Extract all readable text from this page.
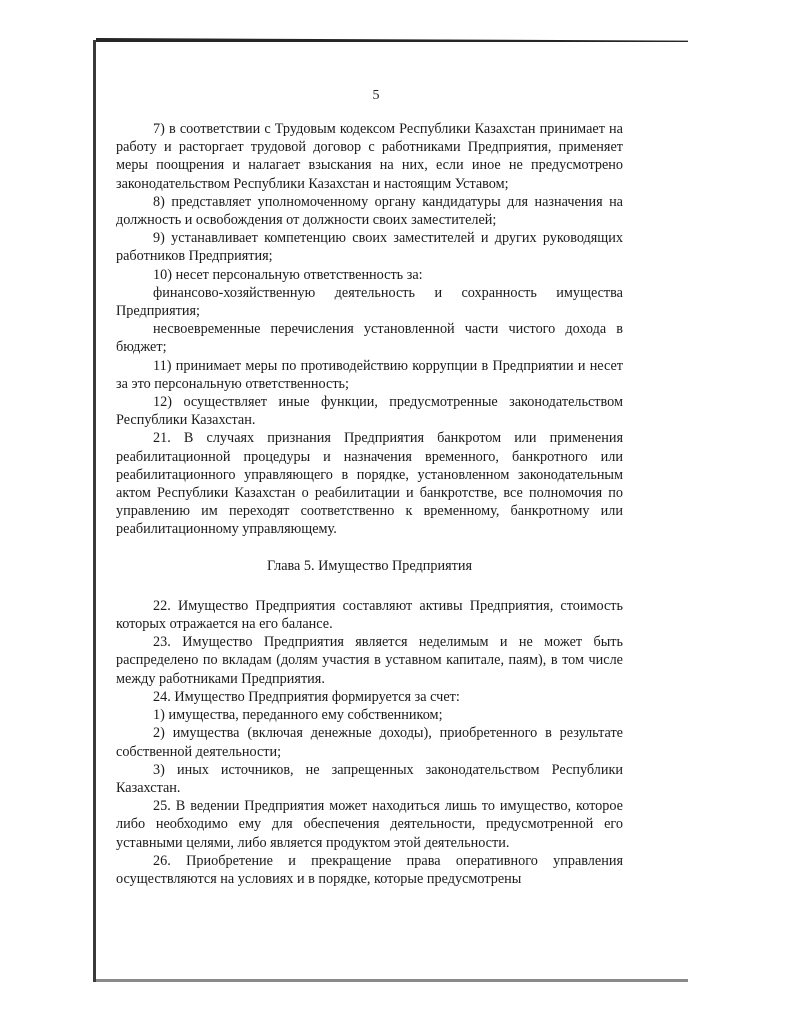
5

7) в соответствии с Трудовым кодексом Республики Казахстан принимает на работу и расторгает трудовой договор с работниками Предприятия, применяет меры поощрения и налагает взыскания на них, если иное не предусмотрено законодательством Республики Казахстан и настоящим Уставом;

8) представляет уполномоченному органу кандидатуры для назначения на должность и освобождения от должности своих заместителей;

9) устанавливает компетенцию своих заместителей и других руководящих работников Предприятия;

10) несет персональную ответственность за:

финансово-хозяйственную деятельность и сохранность имущества Предприятия;

несвоевременные перечисления установленной части чистого дохода в бюджет;

11) принимает меры по противодействию коррупции в Предприятии и несет за это персональную ответственность;

12) осуществляет иные функции, предусмотренные законодательством Республики Казахстан.

21. В случаях признания Предприятия банкротом или применения реабилитационной процедуры и назначения временного, банкротного или реабилитационного управляющего в порядке, установленном законодательным актом Республики Казахстан о реабилитации и банкротстве, все полномочия по управлению им переходят соответственно к временному, банкротному или реабилитационному управляющему.

Глава 5. Имущество Предприятия

22. Имущество Предприятия составляют активы Предприятия, стоимость которых отражается на его балансе.

23. Имущество Предприятия является неделимым и не может быть распределено по вкладам (долям участия в уставном капитале, паям), в том числе между работниками Предприятия.

24. Имущество Предприятия формируется за счет:

1) имущества, переданного ему собственником;

2) имущества (включая денежные доходы), приобретенного в результате собственной деятельности;

3) иных источников, не запрещенных законодательством Республики Казахстан.

25. В ведении Предприятия может находиться лишь то имущество, которое либо необходимо ему для обеспечения деятельности, предусмотренной его уставными целями, либо является продуктом этой деятельности.

26. Приобретение и прекращение права оперативного управления осуществляются на условиях и в порядке, которые предусмотрены
